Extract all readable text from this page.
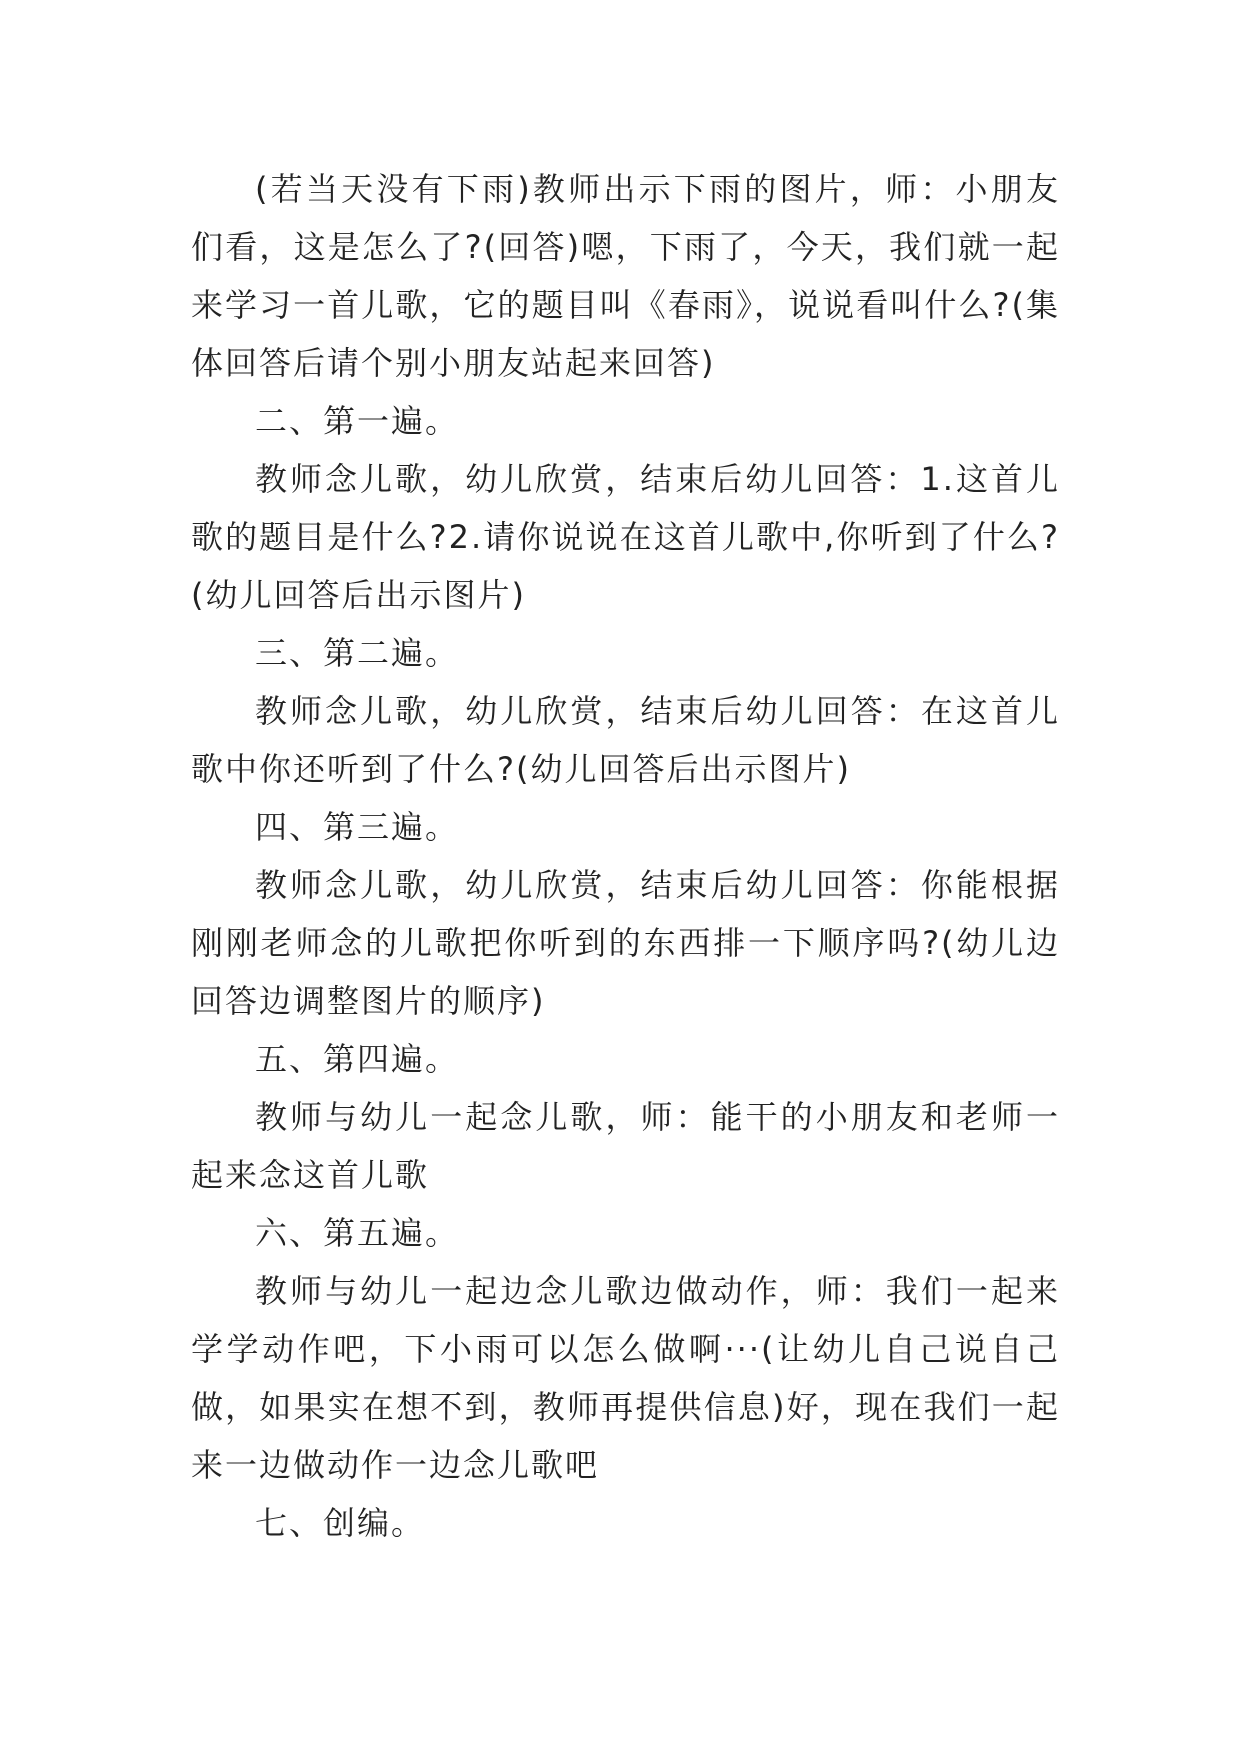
(若当天没有下雨)教师出示下雨的图片，师：小朋友们看，这是怎么了?(回答)嗯，下雨了，今天，我们就一起来学习一首儿歌，它的题目叫《春雨》，说说看叫什么?(集体回答后请个别小朋友站起来回答)

二、第一遍。

教师念儿歌，幼儿欣赏，结束后幼儿回答：1.这首儿歌的题目是什么?2.请你说说在这首儿歌中,你听到了什么?(幼儿回答后出示图片)

三、第二遍。

教师念儿歌，幼儿欣赏，结束后幼儿回答：在这首儿歌中你还听到了什么?(幼儿回答后出示图片)

四、第三遍。

教师念儿歌，幼儿欣赏，结束后幼儿回答：你能根据刚刚老师念的儿歌把你听到的东西排一下顺序吗?(幼儿边回答边调整图片的顺序)

五、第四遍。

教师与幼儿一起念儿歌，师：能干的小朋友和老师一起来念这首儿歌

六、第五遍。

教师与幼儿一起边念儿歌边做动作，师：我们一起来学学动作吧，下小雨可以怎么做啊···(让幼儿自己说自己做，如果实在想不到，教师再提供信息)好，现在我们一起来一边做动作一边念儿歌吧

七、创编。
